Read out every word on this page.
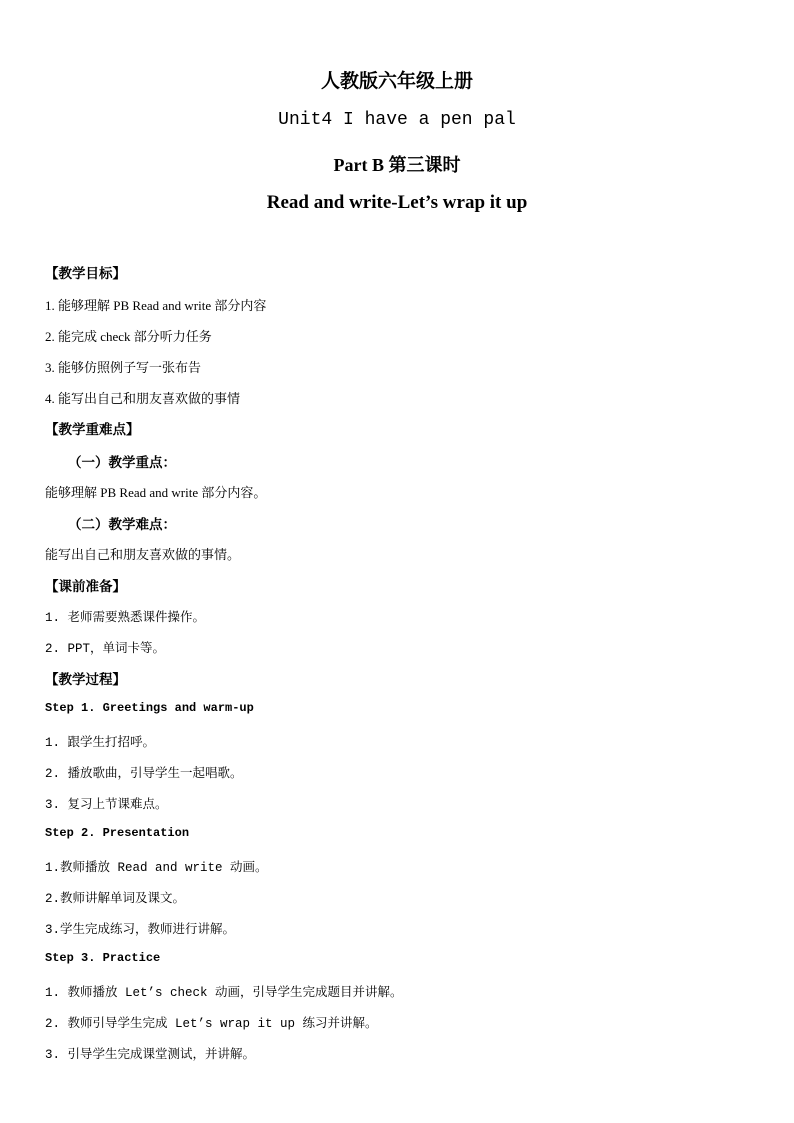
人教版六年级上册
Unit4 I have a pen pal
Part B 第三课时
Read and write-Let’s wrap it up
【教学目标】
1. 能够理解 PB Read and write 部分内容
2. 能完成 check 部分听力任务
3. 能够仿照例子写一张布告
4. 能写出自己和朋友喜欢做的事情
【教学重难点】
（一）教学重点：
能够理解 PB Read and write 部分内容。
（二）教学难点：
能写出自己和朋友喜欢做的事情。
【课前准备】
1. 老师需要熟悉课件操作。
2. PPT，单词卡等。
【教学过程】
Step 1. Greetings and warm-up
1. 跟学生打招呼。
2. 播放歌曲，引导学生一起唱歌。
3. 复习上节课难点。
Step 2. Presentation
1.教师播放 Read and write 动画。
2.教师讲解单词及课文。
3.学生完成练习，教师进行讲解。
Step 3. Practice
1. 教师播放 Let’s check 动画，引导学生完成题目并讲解。
2. 教师引导学生完成 Let’s wrap it up 练习并讲解。
3. 引导学生完成课堂测试，并讲解。
